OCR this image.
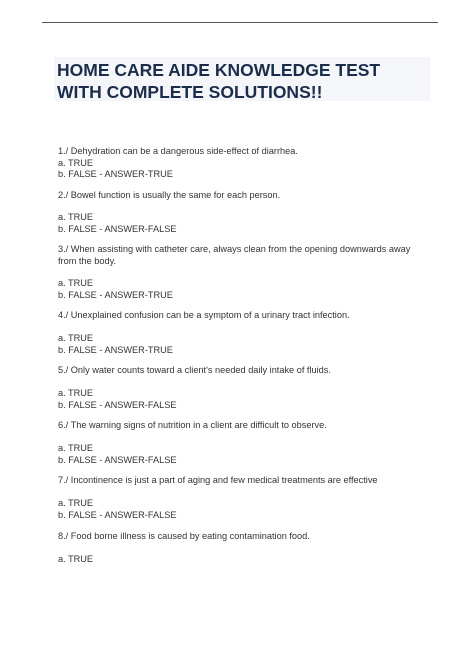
HOME CARE AIDE KNOWLEDGE TEST
WITH COMPLETE SOLUTIONS!!

1./ Dehydration can be a dangerous side-effect of diarrhea.

a. TRUE

b. FALSE - ANSWER-TRUE

2./ Bowel function is usually the same for each person.

a. TRUE

b. FALSE - ANSWER-FALSE

3./ When assisting with catheter care, always clean from the opening downwards away from the body.

a. TRUE

b. FALSE - ANSWER-TRUE

4./ Unexplained confusion can be a symptom of a urinary tract infection.

a. TRUE

b. FALSE - ANSWER-TRUE

5./ Only water counts toward a client's needed daily intake of fluids.

a. TRUE

b. FALSE - ANSWER-FALSE

6./ The warning signs of nutrition in a client are difficult to observe.

a. TRUE

b. FALSE - ANSWER-FALSE

7./ Incontinence is just a part of aging and few medical treatments are effective

a. TRUE

b. FALSE - ANSWER-FALSE

8./ Food borne illness is caused by eating contamination food.

a. TRUE
